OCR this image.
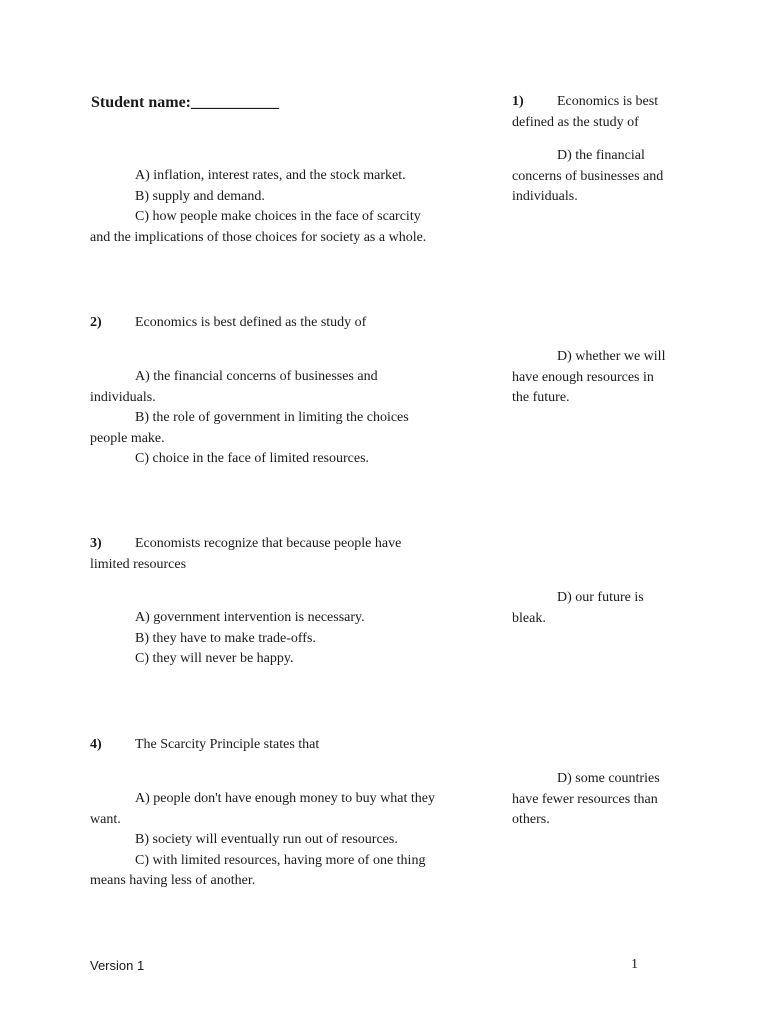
Student name:___________	1) Economics is best
defined as the study of
A) inflation, interest rates, and the stock market.
B) supply and demand.
C) how people make choices in the face of scarcity
and the implications of those choices for society as a whole.
D) the financial
concerns of businesses and
individuals.
2) Economics is best defined as the study of
A) the financial concerns of businesses and
individuals.
B) the role of government in limiting the choices
people make.
C) choice in the face of limited resources.
D) whether we will
have enough resources in
the future.
3) Economists recognize that because people have
limited resources
A) government intervention is necessary.
B) they have to make trade-offs.
C) they will never be happy.
D) our future is
bleak.
4) The Scarcity Principle states that
A) people don't have enough money to buy what they
want.
B) society will eventually run out of resources.
C) with limited resources, having more of one thing
means having less of another.
D) some countries
have fewer resources than
others.
Version 1	1
